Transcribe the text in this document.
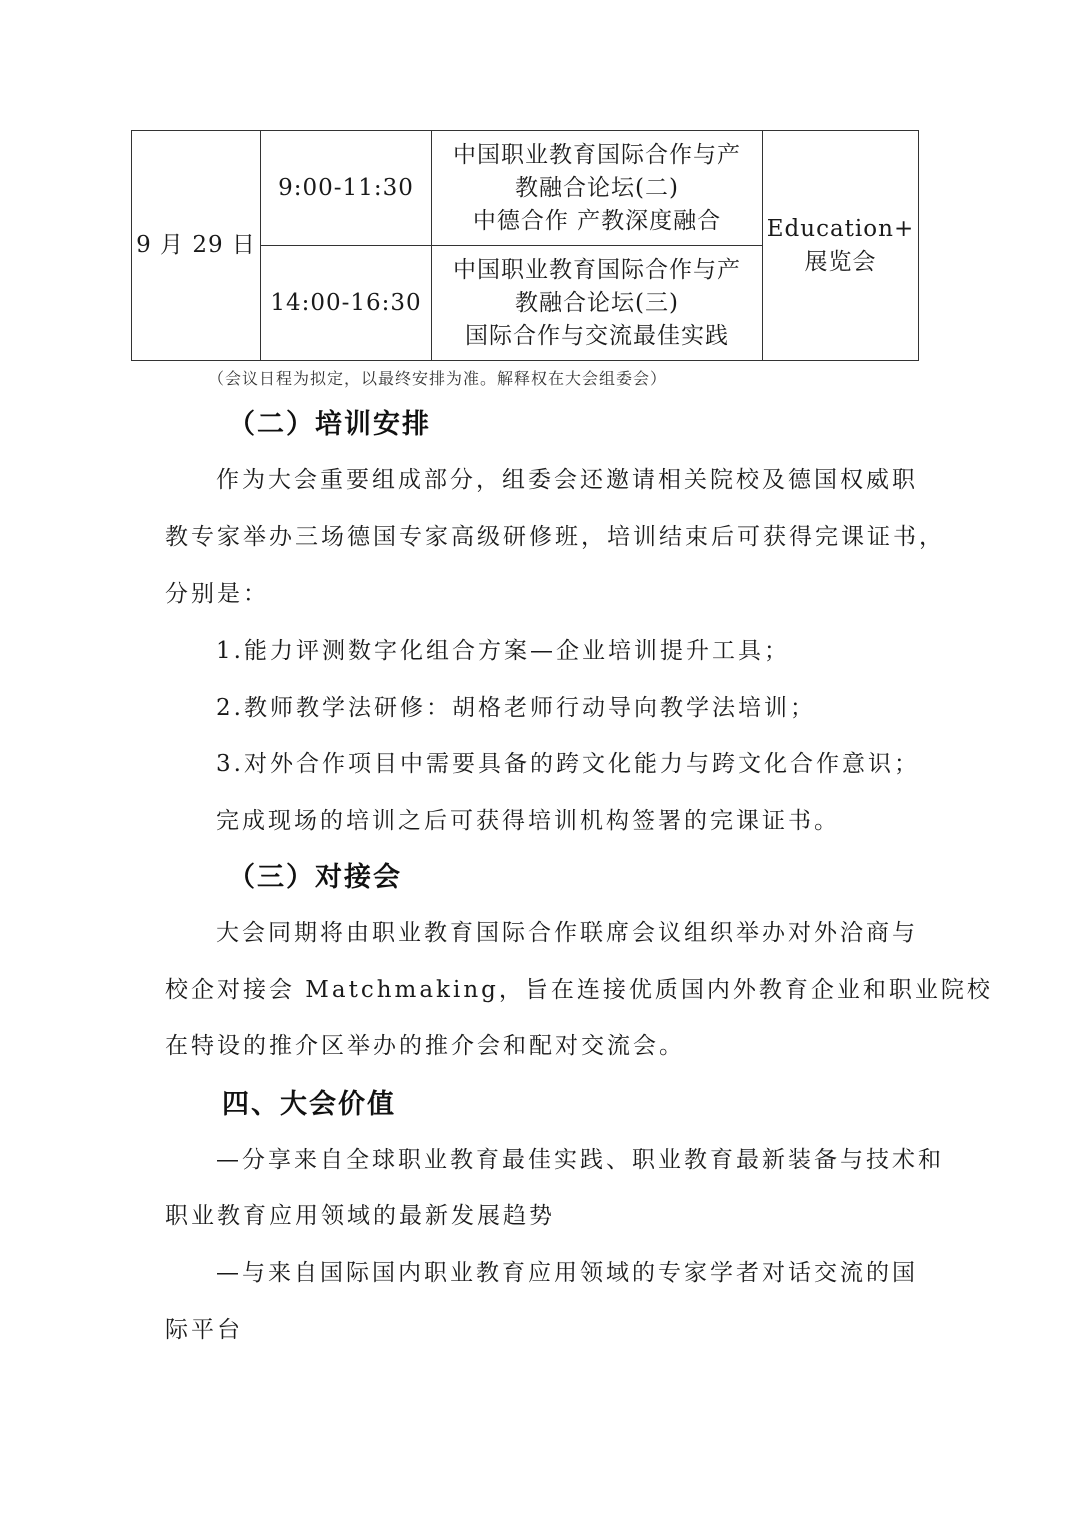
9 月 29 日	9:00-11:30	中国职业教育国际合作与产
教融合论坛(二)
中德合作 产教深度融合	Education+
展览会

	14:00-16:30	中国职业教育国际合作与产
教融合论坛(三)
国际合作与交流最佳实践	
（会议日程为拟定，以最终安排为准。解释权在大会组委会）
（二）培训安排
作为大会重要组成部分，组委会还邀请相关院校及德国权威职
教专家举办三场德国专家高级研修班，培训结束后可获得完课证书，
分别是：
1.能力评测数字化组合方案—企业培训提升工具；
2.教师教学法研修：胡格老师行动导向教学法培训；
3.对外合作项目中需要具备的跨文化能力与跨文化合作意识；
完成现场的培训之后可获得培训机构签署的完课证书。
（三）对接会
大会同期将由职业教育国际合作联席会议组织举办对外洽商与
校企对接会 Matchmaking，旨在连接优质国内外教育企业和职业院校
在特设的推介区举办的推介会和配对交流会。
四、大会价值
—分享来自全球职业教育最佳实践、职业教育最新装备与技术和
职业教育应用领域的最新发展趋势
—与来自国际国内职业教育应用领域的专家学者对话交流的国
际平台
